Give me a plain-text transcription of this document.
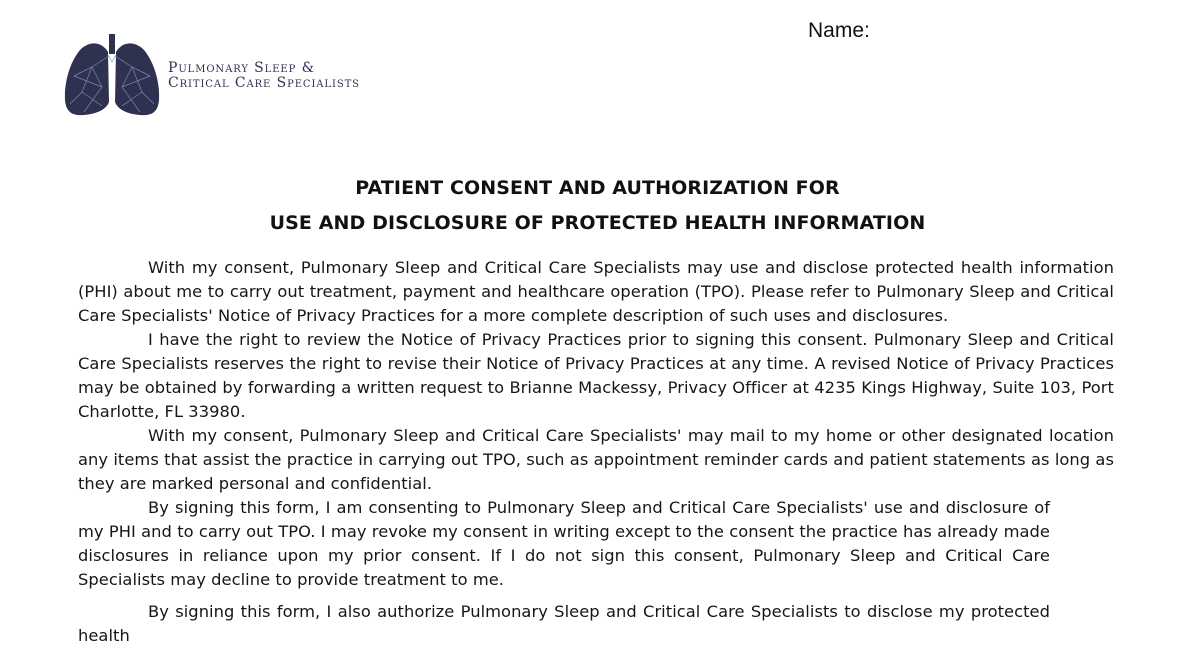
Pulmonary Sleep &
Critical Care Specialists
Name:
PATIENT CONSENT AND AUTHORIZATION FOR
USE AND DISCLOSURE OF PROTECTED HEALTH INFORMATION

With my consent, Pulmonary Sleep and Critical Care Specialists may use and disclose protected health information (PHI) about me to carry out treatment, payment and healthcare operation (TPO). Please refer to Pulmonary Sleep and Critical Care Specialists' Notice of Privacy Practices for a more complete description of such uses and disclosures.

I have the right to review the Notice of Privacy Practices prior to signing this consent. Pulmonary Sleep and Critical Care Specialists reserves the right to revise their Notice of Privacy Practices at any time. A revised Notice of Privacy Practices may be obtained by forwarding a written request to Brianne Mackessy, Privacy Officer at 4235 Kings Highway, Suite 103, Port Charlotte, FL 33980.

With my consent, Pulmonary Sleep and Critical Care Specialists' may mail to my home or other designated location any items that assist the practice in carrying out TPO, such as appointment reminder cards and patient statements as long as they are marked personal and confidential.

By signing this form, I am consenting to Pulmonary Sleep and Critical Care Specialists' use and disclosure of my PHI and to carry out TPO. I may revoke my consent in writing except to the consent the practice has already made disclosures in reliance upon my prior consent. If I do not sign this consent, Pulmonary Sleep and Critical Care Specialists may decline to provide treatment to me.

By signing this form, I also authorize Pulmonary Sleep and Critical Care Specialists to disclose my protected health
